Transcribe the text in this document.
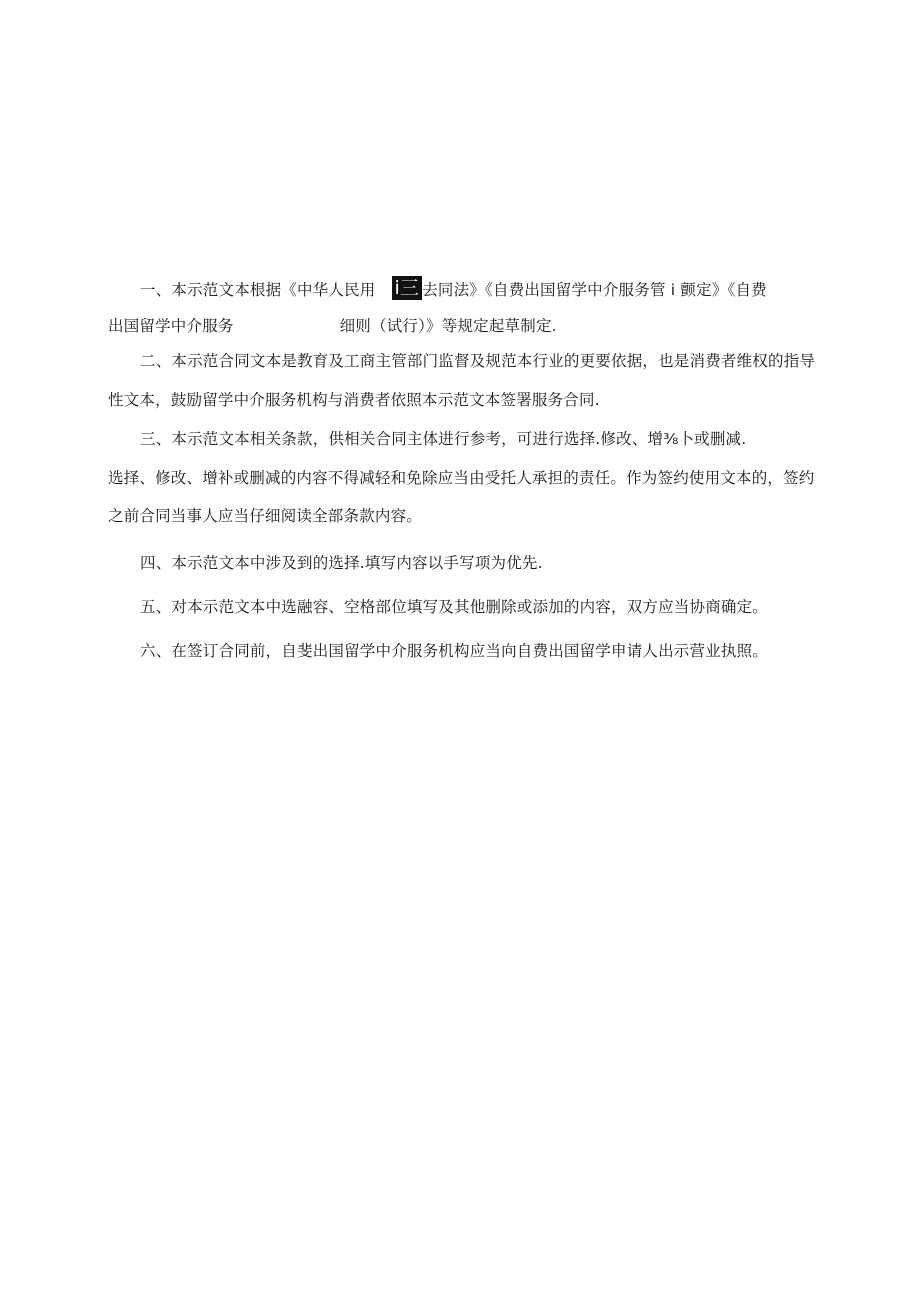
一、本示范文本根据《中华人民用 i三 去同法》《自费出国留学中介服务管 i 颤定》《自费
出国留学中介服务	细则（试行）》等规定起草制定.
二、本示范合同文本是教育及工商主管部门监督及规范本行业的更要依据，也是消费者维权的指导
性文本，鼓励留学中介服务机构与消费者依照本示范文本签署服务合同.
三、本示范文本相关条款，供相关合同主体进行参考，可进行选择.修改、增⅜卜或删减.
选择、修改、增补或删减的内容不得减轻和免除应当由受托人承担的责任。作为签约使用文本的，签约
之前合同当事人应当仔细阅读全部条款内容。
四、本示范文本中涉及到的选择.填写内容以手写项为优先.
五、对本示范文本中选融容、空格部位填写及其他删除或添加的内容，双方应当协商确定。
六、在签订合同前，自斐出国留学中介服务机构应当向自费出国留学申请人出示营业执照。
